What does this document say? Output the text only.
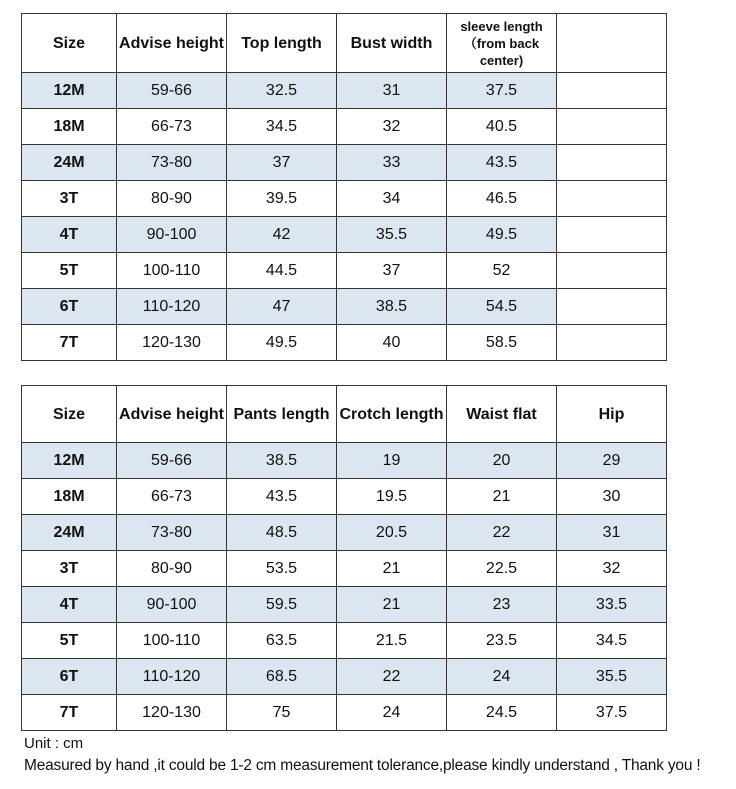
Size	Advise height	Top length	Bust width	sleeve length （from back center)	
12M	59-66	32.5	31	37.5	
18M	66-73	34.5	32	40.5	
24M	73-80	37	33	43.5	
3T	80-90	39.5	34	46.5	
4T	90-100	42	35.5	49.5	
5T	100-110	44.5	37	52	
6T	110-120	47	38.5	54.5	
7T	120-130	49.5	40	58.5	
Size	Advise height	Pants length	Crotch length	Waist flat	Hip
12M	59-66	38.5	19	20	29
18M	66-73	43.5	19.5	21	30
24M	73-80	48.5	20.5	22	31
3T	80-90	53.5	21	22.5	32
4T	90-100	59.5	21	23	33.5
5T	100-110	63.5	21.5	23.5	34.5
6T	110-120	68.5	22	24	35.5
7T	120-130	75	24	24.5	37.5

Unit : cm

Measured by hand ,it could be 1-2 cm measurement tolerance,please kindly understand , Thank you !
